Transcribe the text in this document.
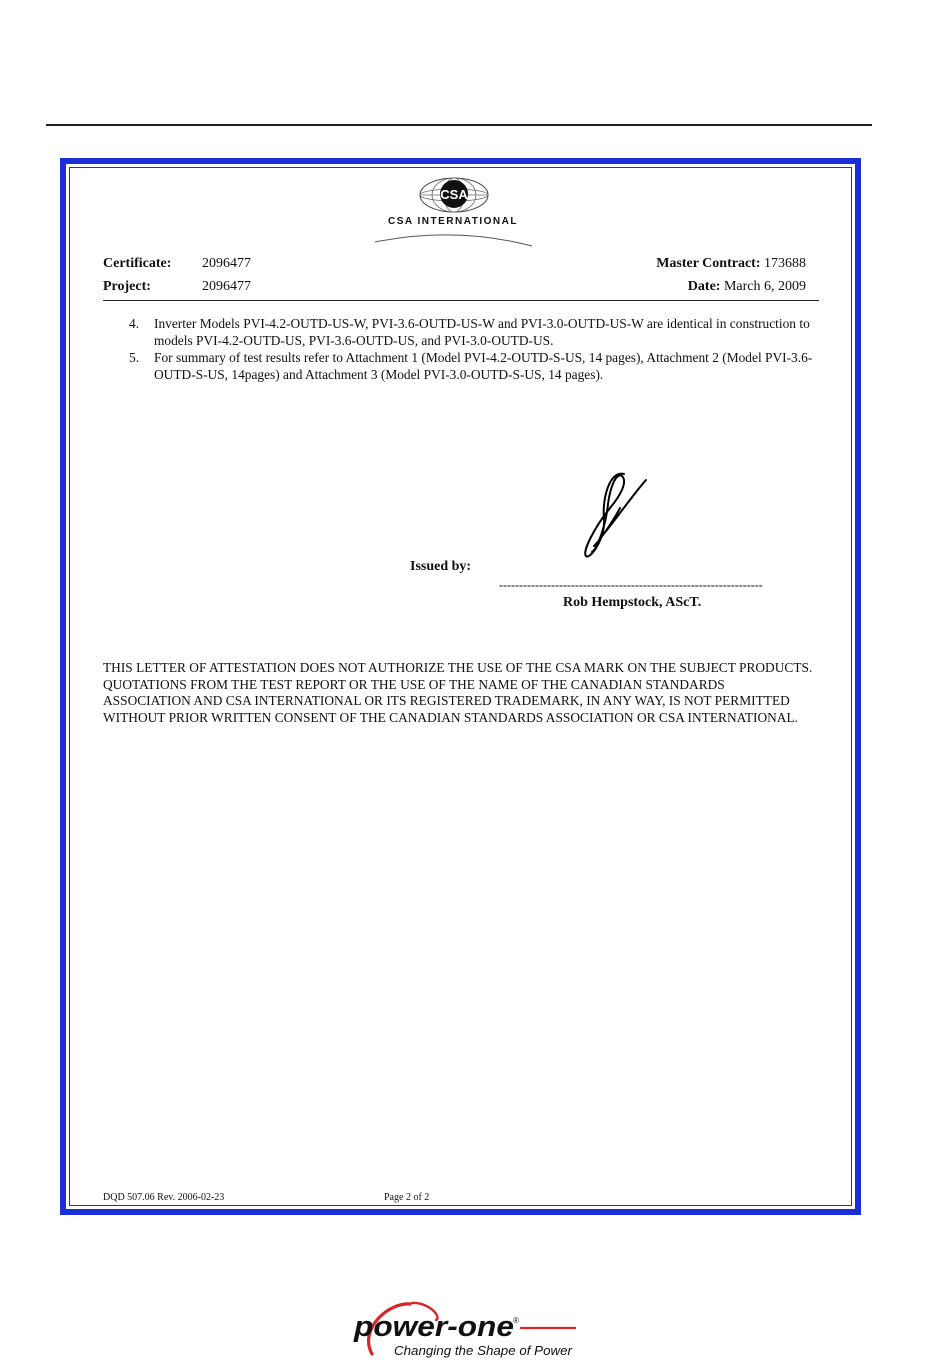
CSA
CSA INTERNATIONAL
Certificate: 2096477
Project:	2096477
Master Contract: 173688
Date: March 6, 2009
4. Inverter Models PVI-4.2-OUTD-US-W, PVI-3.6-OUTD-US-W and PVI-3.0-OUTD-US-W are identical in construction to models PVI-4.2-OUTD-US, PVI-3.6-OUTD-US, and PVI-3.0-OUTD-US.
5. For summary of test results refer to Attachment 1 (Model PVI-4.2-OUTD-S-US, 14 pages), Attachment 2 (Model PVI-3.6-OUTD-S-US, 14pages) and Attachment 3 (Model PVI-3.0-OUTD-S-US, 14 pages).
Issued by:
------------------------------------------------------------------
Rob Hempstock, AScT.
THIS LETTER OF ATTESTATION DOES NOT AUTHORIZE THE USE OF THE CSA MARK ON THE SUBJECT PRODUCTS.
QUOTATIONS FROM THE TEST REPORT OR THE USE OF THE NAME OF THE CANADIAN STANDARDS ASSOCIATION AND CSA INTERNATIONAL OR ITS REGISTERED TRADEMARK, IN ANY WAY, IS NOT PERMITTED WITHOUT PRIOR WRITTEN CONSENT OF THE CANADIAN STANDARDS ASSOCIATION OR CSA INTERNATIONAL.
DQD 507.06 Rev. 2006-02-23	Page 2 of 2
power-one ®
Changing the Shape of Power
